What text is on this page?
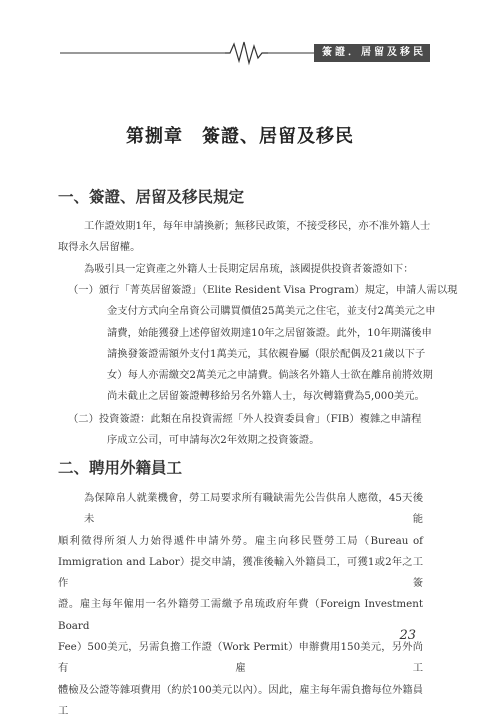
簽證．居留及移民
第捌章　簽證、居留及移民
一、簽證、居留及移民規定
工作證效期1年，每年申請換新；無移民政策，不接受移民，亦不准外籍人士
取得永久居留權。
為吸引具一定資產之外籍人士長期定居帛琉，該國提供投資者簽證如下：
（一）頒行「菁英居留簽證」（Elite Resident Visa Program）規定，申請人需以現
金支付方式向全帛資公司購買價值25萬美元之住宅，並支付2萬美元之申
請費，始能獲發上述停留效期達10年之居留簽證。此外，10年期滿後申
請換發簽證需額外支付1萬美元，其依親眷屬（限於配偶及21歲以下子
女）每人亦需繳交2萬美元之申請費。倘該名外籍人士欲在離帛前將效期
尚未截止之居留簽證轉移給另名外籍人士，每次轉籍費為5,000美元。
（二）投資簽證：此類在帛投資需經「外人投資委員會」（FIB）複雜之申請程
序成立公司，可申請每次2年效期之投資簽證。
二、聘用外籍員工
為保障帛人就業機會，勞工局要求所有職缺需先公告供帛人應徵，45天後未能
順利徵得所須人力始得遞件申請外勞。雇主向移民暨勞工局（Bureau of
Immigration and Labor）提交申請，獲准後輸入外籍員工，可獲1或2年之工作簽
證。雇主每年僱用一名外籍勞工需繳予帛琉政府年費（Foreign Investment Board
Fee）500美元，另需負擔工作證（Work Permit）申辦費用150美元，另外尚有雇工
體檢及公證等雜項費用（約於100美元以內）。因此，雇主每年需負擔每位外籍員工
23
